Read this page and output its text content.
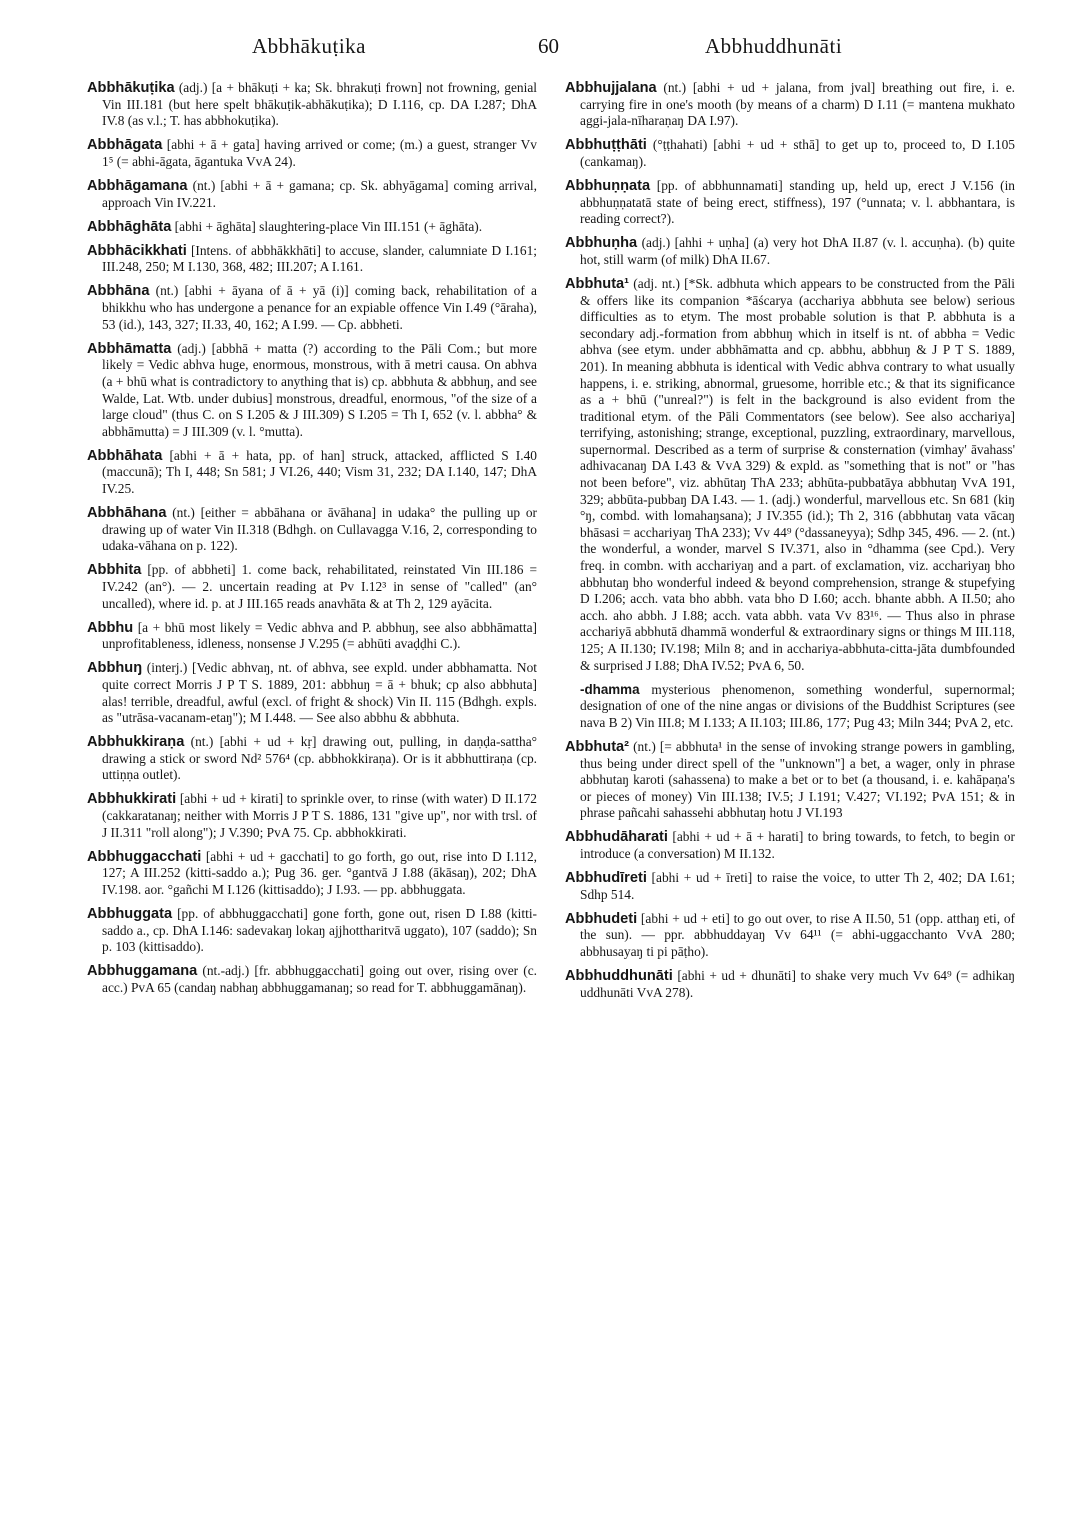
Abbhākuṭika	60	Abbhuddhunāti

Abbhākuṭika (adj.) [a + bhākuṭi + ka; Sk. bhrakuṭi frown] not frowning, genial Vin III.181 (but here spelt bhākuṭik-abhākuṭika); D I.116, cp. DA I.287; DhA IV.8 (as v.l.; T. has abbhokuṭika).

Abbhāgata [abhi + ā + gata] having arrived or come; (m.) a guest, stranger Vv 1⁵ (= abhi-āgata, āgantuka VvA 24).

Abbhāgamana (nt.) [abhi + ā + gamana; cp. Sk. abhyāgama] coming arrival, approach Vin IV.221.

Abbhāghāta [abhi + āghāta] slaughtering-place Vin III.151 (+ āghāta).

Abbhācikkhati [Intens. of abbhākkhāti] to accuse, slander, calumniate D I.161; III.248, 250; M I.130, 368, 482; III.207; A I.161.

Abbhāna (nt.) [abhi + āyana of ā + yā (i)] coming back, rehabilitation of a bhikkhu who has undergone a penance for an expiable offence Vin I.49 (°āraha), 53 (id.), 143, 327; II.33, 40, 162; A I.99. — Cp. abbheti.

Abbhāmatta (adj.) [abbhā + matta (?) according to the Pāli Com.; but more likely = Vedic abhva huge, enormous, monstrous, with ā metri causa. On abhva (a + bhū what is contradictory to anything that is) cp. abbhuta & abbhuŋ, and see Walde, Lat. Wtb. under dubius] monstrous, dreadful, enormous, "of the size of a large cloud" (thus C. on S I.205 & J III.309) S I.205 = Th I, 652 (v. l. abbha° & abbhāmutta) = J III.309 (v. l. °mutta).

Abbhāhata [abhi + ā + hata, pp. of han] struck, attacked, afflicted S I.40 (maccunā); Th I, 448; Sn 581; J VI.26, 440; Vism 31, 232; DA I.140, 147; DhA IV.25.

Abbhāhana (nt.) [either = abbāhana or āvāhana] in udaka° the pulling up or drawing up of water Vin II.318 (Bdhgh. on Cullavagga V.16, 2, corresponding to udaka-vāhana on p. 122).

Abbhita [pp. of abbheti] 1. come back, rehabilitated, reinstated Vin III.186 = IV.242 (an°). — 2. uncertain reading at Pv I.12³ in sense of "called" (an° uncalled), where id. p. at J III.165 reads anavhāta & at Th 2, 129 ayācita.

Abbhu [a + bhū most likely = Vedic abhva and P. abbhuŋ, see also abbhāmatta] unprofitableness, idleness, nonsense J V.295 (= abhūti avaḍḍhi C.).

Abbhuŋ (interj.) [Vedic abhvaŋ, nt. of abhva, see expld. under abbhamatta. Not quite correct Morris J P T S. 1889, 201: abbhuŋ = ā + bhuk; cp also abbhuta] alas! terrible, dreadful, awful (excl. of fright & shock) Vin II. 115 (Bdhgh. expls. as "utrāsa-vacanam-etaŋ"); M I.448. — See also abbhu & abbhuta.

Abbhukkiraṇa (nt.) [abhi + ud + kṛ] drawing out, pulling, in daṇḍa-sattha° drawing a stick or sword Nd² 576⁴ (cp. abbhokkiraṇa). Or is it abbhuttiraṇa (cp. uttiṇṇa outlet).

Abbhukkirati [abhi + ud + kirati] to sprinkle over, to rinse (with water) D II.172 (cakkaratanaŋ; neither with Morris J P T S. 1886, 131 "give up", nor with trsl. of J II.311 "roll along"); J V.390; PvA 75. Cp. abbhokkirati.

Abbhuggacchati [abhi + ud + gacchati] to go forth, go out, rise into D I.112, 127; A III.252 (kitti-saddo a.); Pug 36. ger. °gantvā J I.88 (ākāsaŋ), 202; DhA IV.198. aor. °gañchi M I.126 (kittisaddo); J I.93. — pp. abbhuggata.

Abbhuggata [pp. of abbhuggacchati] gone forth, gone out, risen D I.88 (kitti-saddo a., cp. DhA I.146: sadevakaŋ lokaŋ ajjhottharitvā uggato), 107 (saddo); Sn p. 103 (kittisaddo).

Abbhuggamana (nt.-adj.) [fr. abbhuggacchati] going out over, rising over (c. acc.) PvA 65 (candaŋ nabhaŋ abbhuggamanaŋ; so read for T. abbhuggamānaŋ).

Abbhujjalana (nt.) [abhi + ud + jalana, from jval] breathing out fire, i. e. carrying fire in one's mooth (by means of a charm) D I.11 (= mantena mukhato aggi-jala-nīharaṇaŋ DA I.97).

Abbhuṭṭhāti (°ṭṭhahati) [abhi + ud + sthā] to get up to, proceed to, D I.105 (cankamaŋ).

Abbhuṇṇata [pp. of abbhunnamati] standing up, held up, erect J V.156 (in abbhuṇṇatatā state of being erect, stiffness), 197 (°unnata; v. l. abbhantara, is reading correct?).

Abbhuṇha (adj.) [ahhi + uṇha] (a) very hot DhA II.87 (v. l. accuṇha). (b) quite hot, still warm (of milk) DhA II.67.

Abbhuta¹ (adj. nt.) [*Sk. adbhuta which appears to be constructed from the Pāli & offers like its companion *āścarya (acchariya abbhuta see below) serious difficulties as to etym. The most probable solution is that P. abbhuta is a secondary adj.-formation from abbhuŋ which in itself is nt. of abbha = Vedic abhva (see etym. under abbhāmatta and cp. abbhu, abbhuŋ & J P T S. 1889, 201). In meaning abbhuta is identical with Vedic abhva contrary to what usually happens, i. e. striking, abnormal, gruesome, horrible etc.; & that its significance as a + bhū ("unreal?") is felt in the background is also evident from the traditional etym. of the Pāli Commentators (see below). See also acchariya] terrifying, astonishing; strange, exceptional, puzzling, extraordinary, marvellous, supernormal. Described as a term of surprise & consternation (vimhay' āvahass' adhivacanaŋ DA I.43 & VvA 329) & expld. as "something that is not" or "has not been before", viz. abhūtaŋ ThA 233; abhūta-pubbatāya abbhutaŋ VvA 191, 329; abbūta-pubbaŋ DA I.43. — 1. (adj.) wonderful, marvellous etc. Sn 681 (kiŋ °ŋ, combd. with lomahaŋsana); J IV.355 (id.); Th 2, 316 (abbhutaŋ vata vācaŋ bhāsasi = acchariyaŋ ThA 233); Vv 44⁹ (°dassaneyya); Sdhp 345, 496. — 2. (nt.) the wonderful, a wonder, marvel S IV.371, also in °dhamma (see Cpd.). Very freq. in combn. with acchariyaŋ and a part. of exclamation, viz. acchariyaŋ bho abbhutaŋ bho wonderful indeed & beyond comprehension, strange & stupefying D I.206; acch. vata bho abbh. vata bho D I.60; acch. bhante abbh. A II.50; aho acch. aho abbh. J I.88; acch. vata abbh. vata Vv 83¹⁶. — Thus also in phrase acchariyā abbhutā dhammā wonderful & extraordinary signs or things M III.118, 125; A II.130; IV.198; Miln 8; and in acchariya-abbhuta-citta-jāta dumbfounded & surprised J I.88; DhA IV.52; PvA 6, 50.

-dhamma mysterious phenomenon, something wonderful, supernormal; designation of one of the nine angas or divisions of the Buddhist Scriptures (see nava B 2) Vin III.8; M I.133; A II.103; III.86, 177; Pug 43; Miln 344; PvA 2, etc.

Abbhuta² (nt.) [= abbhuta¹ in the sense of invoking strange powers in gambling, thus being under direct spell of the "unknown"] a bet, a wager, only in phrase abbhutaŋ karoti (sahassena) to make a bet or to bet (a thousand, i. e. kahāpaṇa's or pieces of money) Vin III.138; IV.5; J I.191; V.427; VI.192; PvA 151; & in phrase pañcahi sahassehi abbhutaŋ hotu J VI.193

Abbhudāharati [abhi + ud + ā + harati] to bring towards, to fetch, to begin or introduce (a conversation) M II.132.

Abbhudīreti [abhi + ud + īreti] to raise the voice, to utter Th 2, 402; DA I.61; Sdhp 514.

Abbhudeti [abhi + ud + eti] to go out over, to rise A II.50, 51 (opp. atthaŋ eti, of the sun). — ppr. abbhuddayaŋ Vv 64¹¹ (= abhi-uggacchanto VvA 280; abbhusayaŋ ti pi pāṭho).

Abbhuddhunāti [abhi + ud + dhunāti] to shake very much Vv 64⁹ (= adhikaŋ uddhunāti VvA 278).
